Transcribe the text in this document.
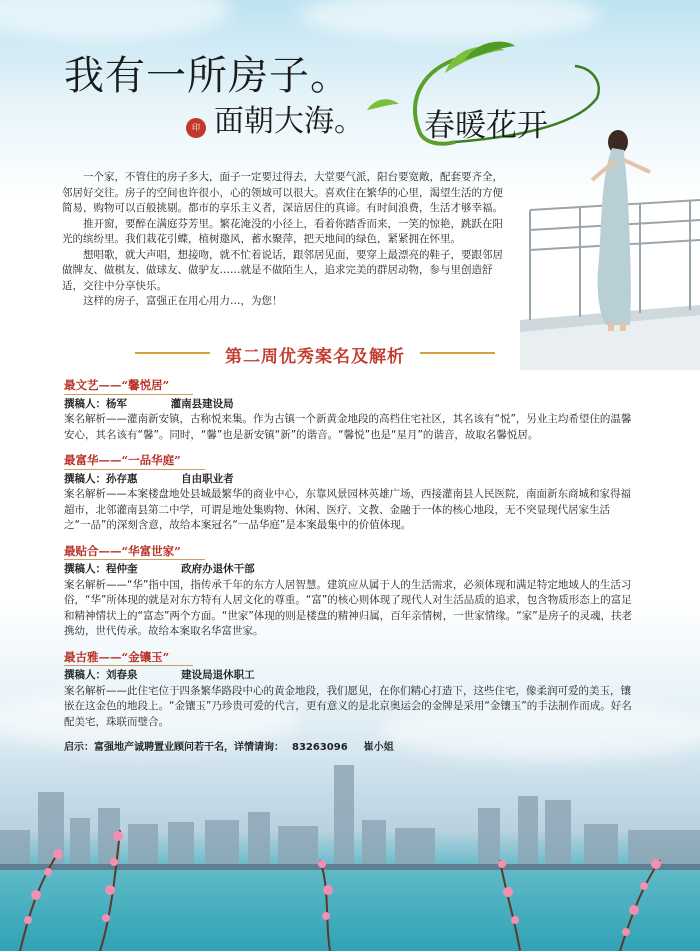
我有一所房子。
印 面朝大海。 春暖花开

一个家，不管住的房子多大，面子一定要过得去，大堂要气派，阳台要宽敞，配套要齐全，邻居好交往。房子的空间也许很小，心的领域可以很大。喜欢住在繁华的心里，渴望生活的方便简易，购物可以百般挑剔。都市的享乐主义者，深谙居住的真谛。有时间浪费，生活才够幸福。

推开窗，要醉在满庭芬芳里。繁花淹没的小径上，看着你踏香而来，一笑的惊艳，跳跃在阳光的缤纷里。我们栽花引蝶，植树邀风，蓄水聚萍，把天地间的绿色，紧紧拥在怀里。

想唱歌，就大声唱，想接吻，就不忙着说话，跟邻居见面，要穿上最漂亮的鞋子，要跟邻居做牌友、做棋友、做球友、做驴友……就是不做陌生人，追求完美的群居动物，参与里创造舒适，交往中分享快乐。

这样的房子，富强正在用心用力…，为您！

第二周优秀案名及解析
最文艺——“馨悦居”
撰稿人：杨军	灌南县建设局

案名解析——灌南新安镇，古称悦来集。作为古镇一个新黄金地段的高档住宅社区，其名该有“悦”，另业主均希望住的温馨安心，其名该有“馨”。同时，“馨”也是新安镇“新”的谐音。“馨悦”也是“星月”的谐音，故取名馨悦居。

最富华——“一品华庭”
撰稿人：孙存惠	自由职业者

案名解析——本案楼盘地处县城最繁华的商业中心，东靠风景园林英雄广场，西接灌南县人民医院，南面新东商城和家得福超市，北邻灌南县第二中学，可谓是地处集购物、休闲、医疗、文教、金融于一体的核心地段，无不突显现代居家生活之“一品”的深刻含意，故给本案冠名“一品华庭”是本案最集中的价值体现。

最贴合——“华富世家”
撰稿人：程仲奎	政府办退休干部

案名解析——“华”指中国，指传承千年的东方人居智慧。建筑应从属于人的生活需求，必须体现和满足特定地域人的生活习俗，“华”所体现的就是对东方特有人居文化的尊重。“富”的核心则体现了现代人对生活品质的追求，包含物质形态上的富足和精神情状上的“富态”两个方面。“世家”体现的则是楼盘的精神归属，百年亲情树，一世家情缘。“家”是房子的灵魂，扶老携幼，世代传承。故给本案取名华富世家。

最古雅——“金镶玉”
撰稿人：刘春泉	建设局退休职工

案名解析——此住宅位于四条繁华路段中心的黄金地段，我们愿见，在你们精心打造下，这些住宅，像柔润可爱的美玉，镶嵌在这金色的地段上。“金镶玉”乃珍贵可爱的代言，更有意义的是北京奥运会的金牌是采用“金镶玉”的手法制作而成。好名配美宅，珠联而璧合。

启示：富强地产诚聘置业顾问若干名，详情请询： 83263096 崔小姐
